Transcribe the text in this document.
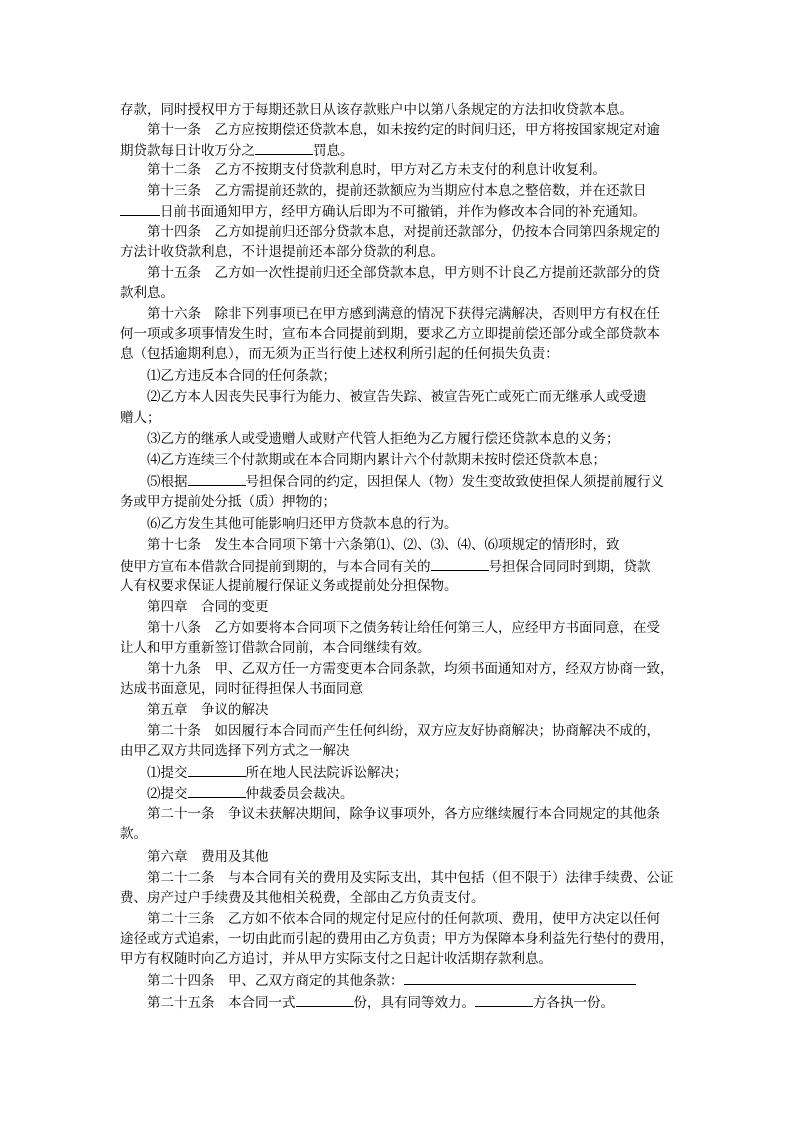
存款，同时授权甲方于每期还款日从该存款账户中以第八条规定的方法扣收贷款本息。
第十一条　乙方应按期偿还贷款本息，如未按约定的时间归还，甲方将按国家规定对逾
期贷款每日计收万分之	罚息。
第十二条　乙方不按期支付贷款利息时，甲方对乙方未支付的利息计收复利。
第十三条　乙方需提前还款的，提前还款额应为当期应付本息之整倍数，并在还款日
日前书面通知甲方，经甲方确认后即为不可撤销，并作为修改本合同的补充通知。
第十四条　乙方如提前归还部分贷款本息，对提前还款部分，仍按本合同第四条规定的
方法计收贷款利息，不计退提前还本部分贷款的利息。
第十五条　乙方如一次性提前归还全部贷款本息，甲方则不计良乙方提前还款部分的贷
款利息。
第十六条　除非下列事项已在甲方感到满意的情况下获得完满解决，否则甲方有权在任
何一项或多项事情发生时，宣布本合同提前到期，要求乙方立即提前偿还部分或全部贷款本
息（包括逾期利息），而无须为正当行使上述权利所引起的任何损失负责：
⑴乙方违反本合同的任何条款；
⑵乙方本人因丧失民事行为能力、被宣告失踪、被宣告死亡或死亡而无继承人或受遗
赠人；
⑶乙方的继承人或受遗赠人或财产代管人拒绝为乙方履行偿还贷款本息的义务；
⑷乙方连续三个付款期或在本合同期内累计六个付款期未按时偿还贷款本息；
⑸根据	号担保合同的约定，因担保人（物）发生变故致使担保人须提前履行义
务或甲方提前处分抵（质）押物的；
⑹乙方发生其他可能影响归还甲方贷款本息的行为。
第十七条　发生本合同项下第十六条第⑴、⑵、⑶、⑷、⑹项规定的情形时，致
使甲方宣布本借款合同提前到期的，与本合同有关的	号担保合同同时到期，贷款
人有权要求保证人提前履行保证义务或提前处分担保物。
第四章　合同的变更
第十八条　乙方如要将本合同项下之债务转让给任何第三人，应经甲方书面同意，在受
让人和甲方重新签订借款合同前，本合同继续有效。
第十九条　甲、乙双方任一方需变更本合同条款，均须书面通知对方，经双方协商一致，
达成书面意见，同时征得担保人书面同意
第五章　争议的解决
第二十条　如因履行本合同而产生任何纠纷，双方应友好协商解决；协商解决不成的，
由甲乙双方共同选择下列方式之一解决
⑴提交	所在地人民法院诉讼解决；
⑵提交	仲裁委员会裁决。
第二十一条　争议未获解决期间，除争议事项外，各方应继续履行本合同规定的其他条
款。
第六章　费用及其他
第二十二条　与本合同有关的费用及实际支出，其中包括（但不限于）法律手续费、公证
费、房产过户手续费及其他相关税费，全部由乙方负责支付。
第二十三条　乙方如不依本合同的规定付足应付的任何款项、费用，使甲方决定以任何
途径或方式追索，一切由此而引起的费用由乙方负责；甲方为保障本身利益先行垫付的费用，
甲方有权随时向乙方追讨，并从甲方实际支付之日起计收活期存款利息。
第二十四条　甲、乙双方商定的其他条款：
第二十五条　本合同一式	份，具有同等效力。	方各执一份。
